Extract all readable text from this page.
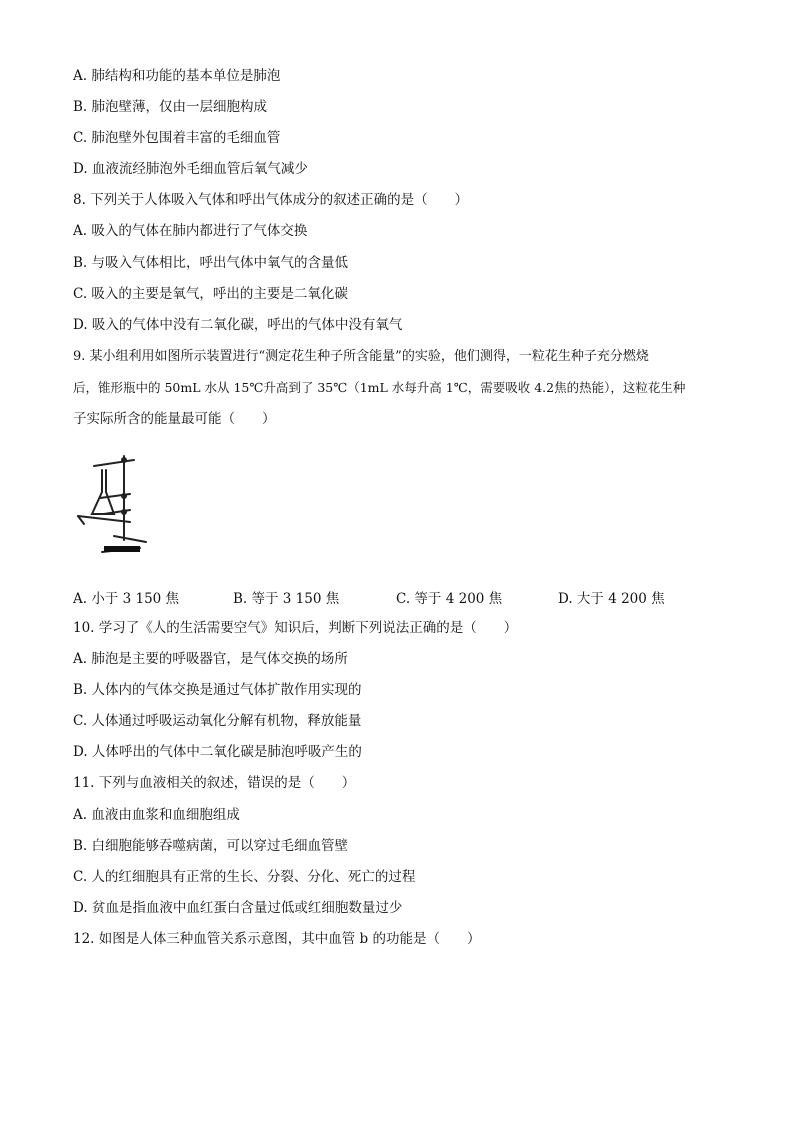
A. 肺结构和功能的基本单位是肺泡
B. 肺泡壁薄，仅由一层细胞构成
C. 肺泡壁外包围着丰富的毛细血管
D. 血液流经肺泡外毛细血管后氧气减少
8. 下列关于人体吸入气体和呼出气体成分的叙述正确的是（　　）
A. 吸入的气体在肺内都进行了气体交换
B. 与吸入气体相比，呼出气体中氧气的含量低
C. 吸入的主要是氧气，呼出的主要是二氧化碳
D. 吸入的气体中没有二氧化碳，呼出的气体中没有氧气
9. 某小组利用如图所示装置进行“测定花生种子所含能量”的实验，他们测得，一粒花生种子充分燃烧
后，锥形瓶中的 50mL 水从 15℃升高到了 35℃（1mL 水每升高 1℃，需要吸收 4.2焦的热能），这粒花生种
子实际所含的能量最可能（　　）
A. 小于 3 150 焦	B. 等于 3 150 焦	C. 等于 4 200 焦	D. 大于 4 200 焦
10. 学习了《人的生活需要空气》知识后，判断下列说法正确的是（　　）
A. 肺泡是主要的呼吸器官，是气体交换的场所
B. 人体内的气体交换是通过气体扩散作用实现的
C. 人体通过呼吸运动氧化分解有机物，释放能量
D. 人体呼出的气体中二氧化碳是肺泡呼吸产生的
11. 下列与血液相关的叙述，错误的是（　　）
A. 血液由血浆和血细胞组成
B. 白细胞能够吞噬病菌，可以穿过毛细血管壁
C. 人的红细胞具有正常的生长、分裂、分化、死亡的过程
D. 贫血是指血液中血红蛋白含量过低或红细胞数量过少
12. 如图是人体三种血管关系示意图，其中血管 b 的功能是（　　）
